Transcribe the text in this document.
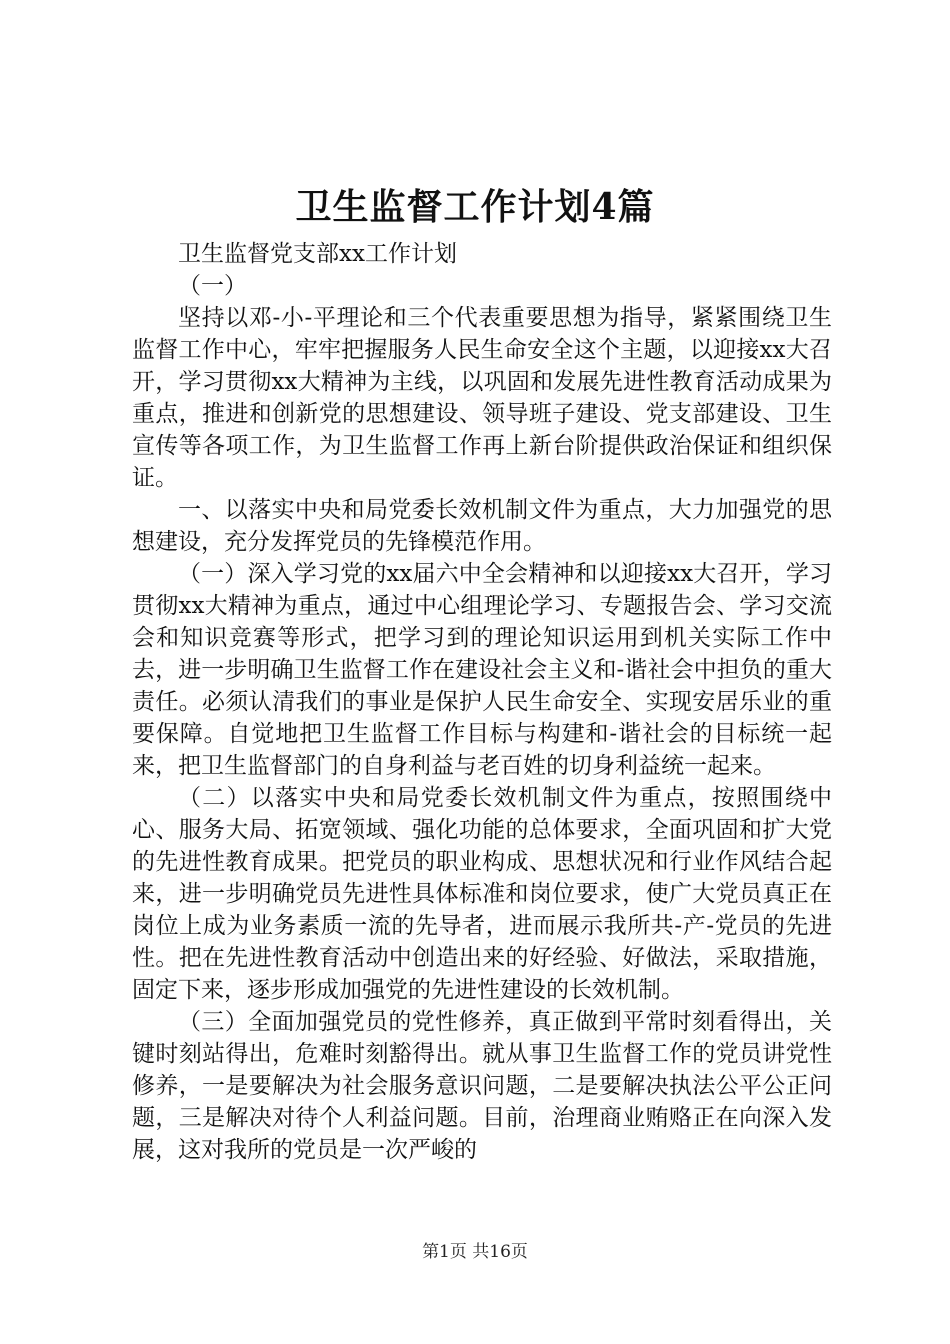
卫生监督工作计划4篇

卫生监督党支部xx工作计划

（一）

坚持以邓-小-平理论和三个代表重要思想为指导，紧紧围绕卫生监督工作中心，牢牢把握服务人民生命安全这个主题，以迎接xx大召开，学习贯彻xx大精神为主线，以巩固和发展先进性教育活动成果为重点，推进和创新党的思想建设、领导班子建设、党支部建设、卫生宣传等各项工作，为卫生监督工作再上新台阶提供政治保证和组织保证。

一、以落实中央和局党委长效机制文件为重点，大力加强党的思想建设，充分发挥党员的先锋模范作用。

（一）深入学习党的xx届六中全会精神和以迎接xx大召开，学习贯彻xx大精神为重点，通过中心组理论学习、专题报告会、学习交流会和知识竞赛等形式，把学习到的理论知识运用到机关实际工作中去，进一步明确卫生监督工作在建设社会主义和-谐社会中担负的重大责任。必须认清我们的事业是保护人民生命安全、实现安居乐业的重要保障。自觉地把卫生监督工作目标与构建和-谐社会的目标统一起来，把卫生监督部门的自身利益与老百姓的切身利益统一起来。

（二）以落实中央和局党委长效机制文件为重点，按照围绕中心、服务大局、拓宽领域、强化功能的总体要求，全面巩固和扩大党的先进性教育成果。把党员的职业构成、思想状况和行业作风结合起来，进一步明确党员先进性具体标准和岗位要求，使广大党员真正在岗位上成为业务素质一流的先导者，进而展示我所共-产-党员的先进性。把在先进性教育活动中创造出来的好经验、好做法，采取措施，固定下来，逐步形成加强党的先进性建设的长效机制。

（三）全面加强党员的党性修养，真正做到平常时刻看得出，关键时刻站得出，危难时刻豁得出。就从事卫生监督工作的党员讲党性修养，一是要解决为社会服务意识问题，二是要解决执法公平公正问题，三是解决对待个人利益问题。目前，治理商业贿赂正在向深入发展，这对我所的党员是一次严峻的

第1页 共16页
